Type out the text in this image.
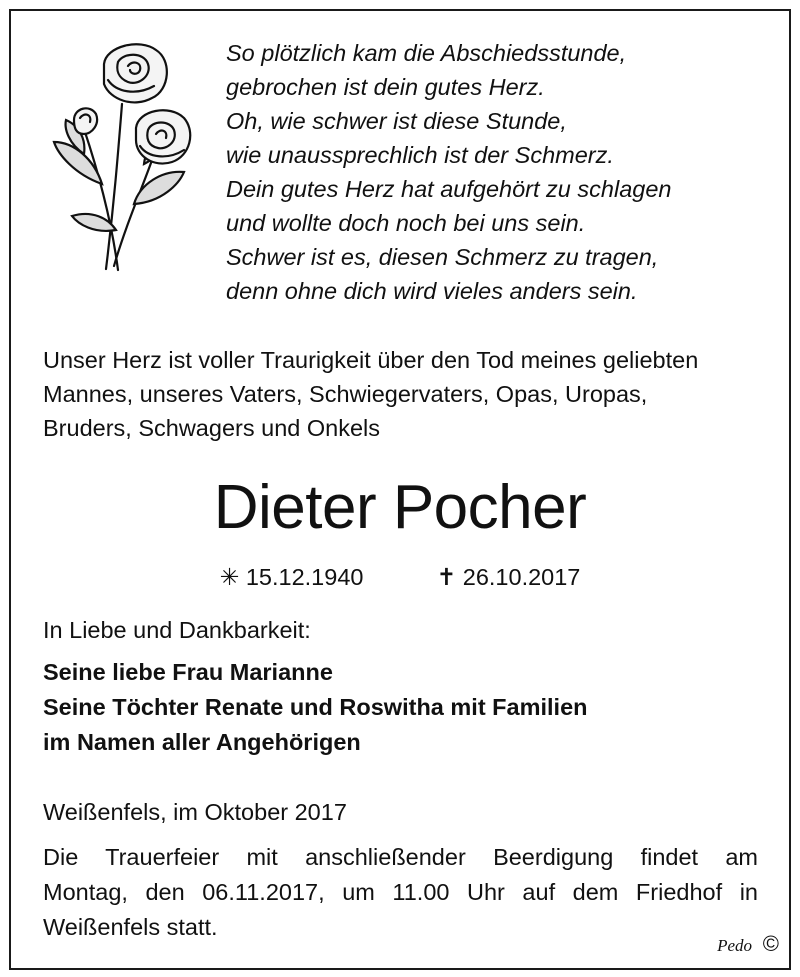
So plötzlich kam die Abschiedsstunde,
gebrochen ist dein gutes Herz.
Oh, wie schwer ist diese Stunde,
wie unaussprechlich ist der Schmerz.
Dein gutes Herz hat aufgehört zu schlagen
und wollte doch noch bei uns sein.
Schwer ist es, diesen Schmerz zu tragen,
denn ohne dich wird vieles anders sein.
Unser Herz ist voller Traurigkeit über den Tod meines geliebten
Mannes, unseres Vaters, Schwiegervaters, Opas, Uropas,
Bruders, Schwagers und Onkels
Dieter Pocher
✳ 15.12.1940	✝ 26.10.2017
In Liebe und Dankbarkeit:
Seine liebe Frau Marianne
Seine Töchter Renate und Roswitha mit Familien
im Namen aller Angehörigen
Weißenfels, im Oktober 2017
Die Trauerfeier mit anschließender Beerdigung findet am
Montag, den 06.11.2017, um 11.00 Uhr auf dem Friedhof in
Weißenfels statt.
Pedo ©
